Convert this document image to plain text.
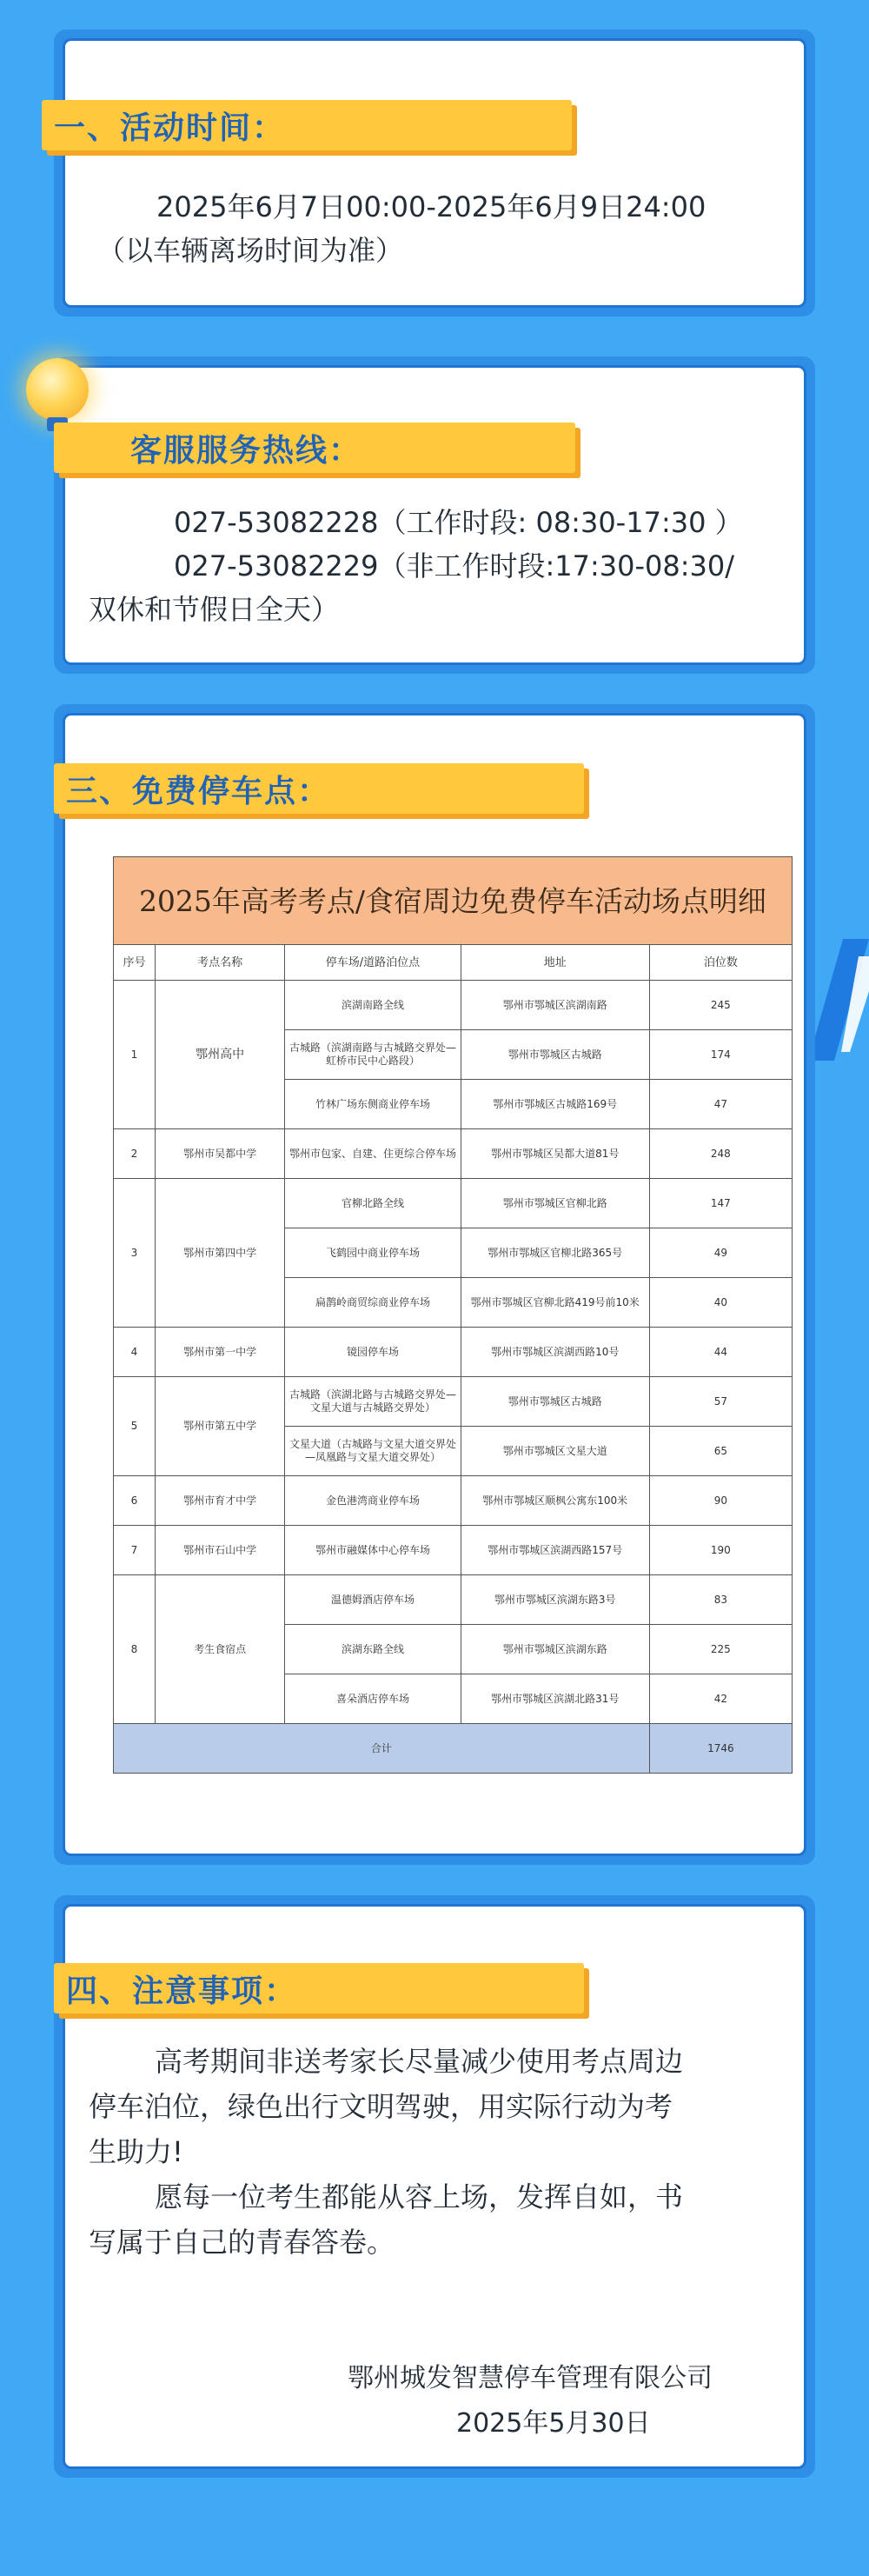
一、活动时间：
2025年6月7日00:00-2025年6月9日24:00
（以车辆离场时间为准）
客服服务热线：
027-53082228（工作时段: 08:30-17:30 ）
027-53082229（非工作时段:17:30-08:30/
双休和节假日全天）
2025年高考考点/食宿周边免费停车活动场点明细				
序号	考点名称	停车场/道路泊位点	地址	泊位数
1	鄂州高中	滨湖南路全线	鄂州市鄂城区滨湖南路	245
		古城路（滨湖南路与古城路交界处—虹桥市民中心路段）	鄂州市鄂城区古城路	174
		竹林广场东侧商业停车场	鄂州市鄂城区古城路169号	47
2	鄂州市吴都中学	鄂州市包家、自建、住更综合停车场	鄂州市鄂城区吴都大道81号	248
3	鄂州市第四中学	官柳北路全线	鄂州市鄂城区官柳北路	147
		飞鹤园中商业停车场	鄂州市鄂城区官柳北路365号	49
		扁鹊岭商贸综商业停车场	鄂州市鄂城区官柳北路419号前10米	40
4	鄂州市第一中学	镜园停车场	鄂州市鄂城区滨湖西路10号	44
5	鄂州市第五中学	古城路（滨湖北路与古城路交界处—文星大道与古城路交界处）	鄂州市鄂城区古城路	57
		文星大道（古城路与文星大道交界处—凤凰路与文星大道交界处）	鄂州市鄂城区文星大道	65
6	鄂州市育才中学	金色港湾商业停车场	鄂州市鄂城区顺枫公寓东100米	90
7	鄂州市石山中学	鄂州市融媒体中心停车场	鄂州市鄂城区滨湖西路157号	190
8	考生食宿点	温德姆酒店停车场	鄂州市鄂城区滨湖东路3号	83
		滨湖东路全线	鄂州市鄂城区滨湖东路	225
		喜朵酒店停车场	鄂州市鄂城区滨湖北路31号	42
合计				1746
三、免费停车点：
四、注意事项：
高考期间非送考家长尽量减少使用考点周边
停车泊位，绿色出行文明驾驶，用实际行动为考
生助力!
愿每一位考生都能从容上场，发挥自如，书
写属于自己的青春答卷。
鄂州城发智慧停车管理有限公司
2025年5月30日
